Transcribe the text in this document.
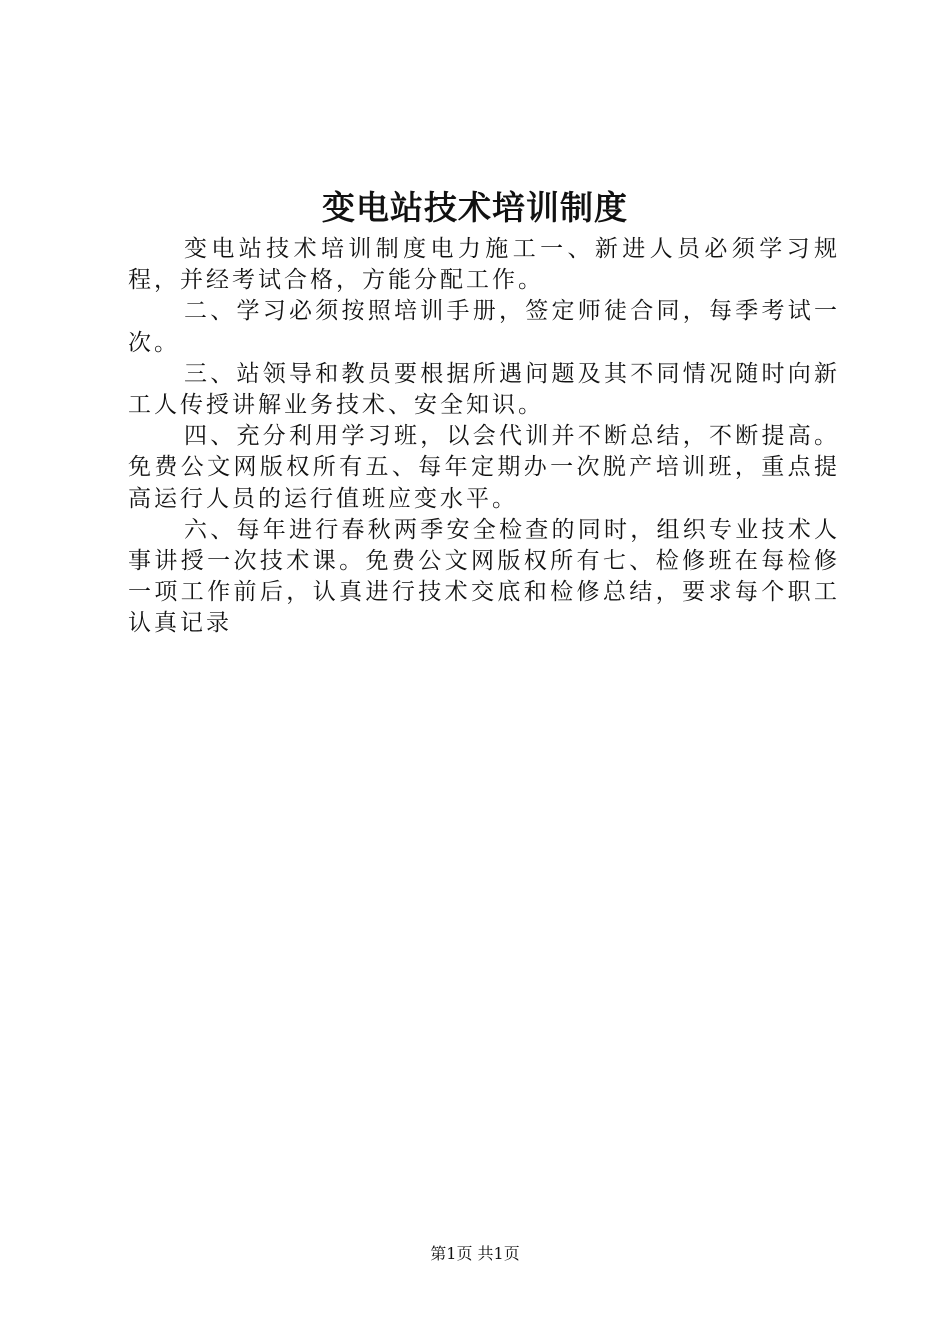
变电站技术培训制度

变电站技术培训制度电力施工一、新进人员必须学习规程，并经考试合格，方能分配工作。

二、学习必须按照培训手册，签定师徒合同，每季考试一次。

三、站领导和教员要根据所遇问题及其不同情况随时向新工人传授讲解业务技术、安全知识。

四、充分利用学习班，以会代训并不断总结，不断提高。免费公文网版权所有五、每年定期办一次脱产培训班，重点提高运行人员的运行值班应变水平。

六、每年进行春秋两季安全检查的同时，组织专业技术人事讲授一次技术课。免费公文网版权所有七、检修班在每检修一项工作前后，认真进行技术交底和检修总结，要求每个职工认真记录

第1页 共1页
